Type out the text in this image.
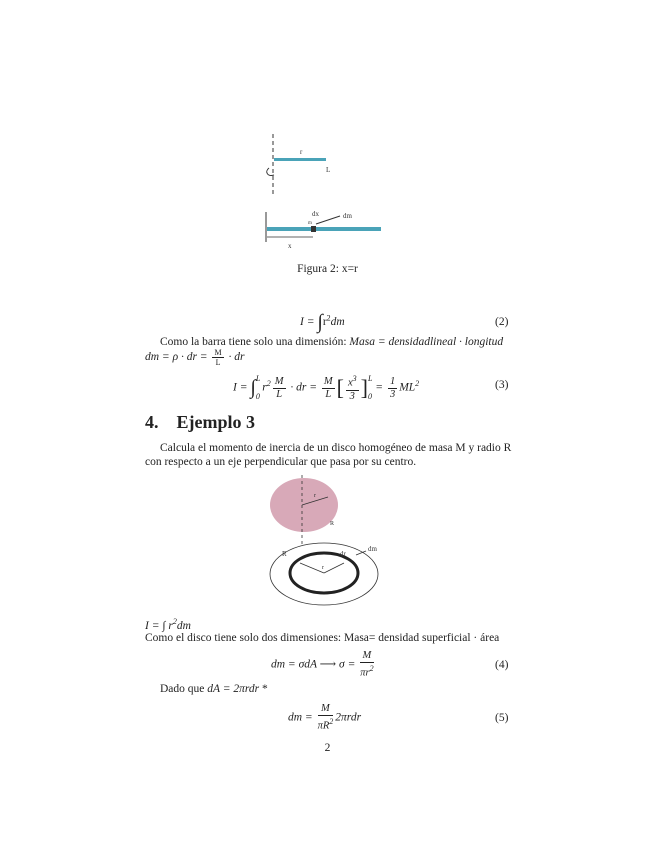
r
L
dx	dm
m
x
Figura 2: x=r
$I = \int r^2dm$	(2)
Como la barra tiene solo una dimensión: Masa = densidadlineal · longitud
dm = ρ · dr = $\frac{M}{L}$ · dr
I = ∫ L
0
$r^2 \frac{M}{L}$ · dr = $\frac{M}{L}$ [ $\frac{x^3}{3}$ ] L
0
= $\frac{1}{3} ML^2$	(3)
4. Ejemplo 3
Calcula el momento de inercia de un disco homogéneo de masa M y radio R
con respecto a un eje perpendicular que pasa por su centro.
R
r
r
R	dr
dm
I = ∫ $r^2dm$
Como el disco tiene solo dos dimensiones: Masa= densidad superficial · área
dm = σdA ⟶ $\sigma = \frac{M}{\pi r^2}$	(4)
Dado que dA = 2πrdr *
dm = $\frac{M}{\pi R^2} 2\pi rdr$	(5)
2
